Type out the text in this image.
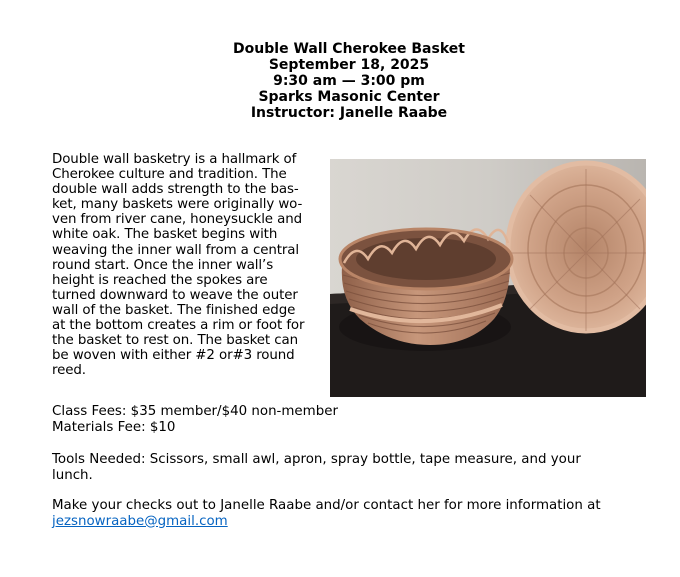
Double Wall Cherokee Basket
September 18, 2025
9:30 am — 3:00 pm
Sparks Masonic Center
Instructor: Janelle Raabe
Double wall basketry is a hallmark of
Cherokee culture and tradition. The
double wall adds strength to the bas-
ket, many baskets were originally wo-
ven from river cane, honeysuckle and
white oak. The basket begins with
weaving the inner wall from a central
round start. Once the inner wall’s
height is reached the spokes are
turned downward to weave the outer
wall of the basket. The finished edge
at the bottom creates a rim or foot for
the basket to rest on. The basket can
be woven with either #2 or#3 round
reed.
Class Fees: $35 member/$40 non-member
Materials Fee: $10
Tools Needed: Scissors, small awl, apron, spray bottle, tape measure, and your
lunch.
Make your checks out to Janelle Raabe and/or contact her for more information at
jezsnowraabe@gmail.com
